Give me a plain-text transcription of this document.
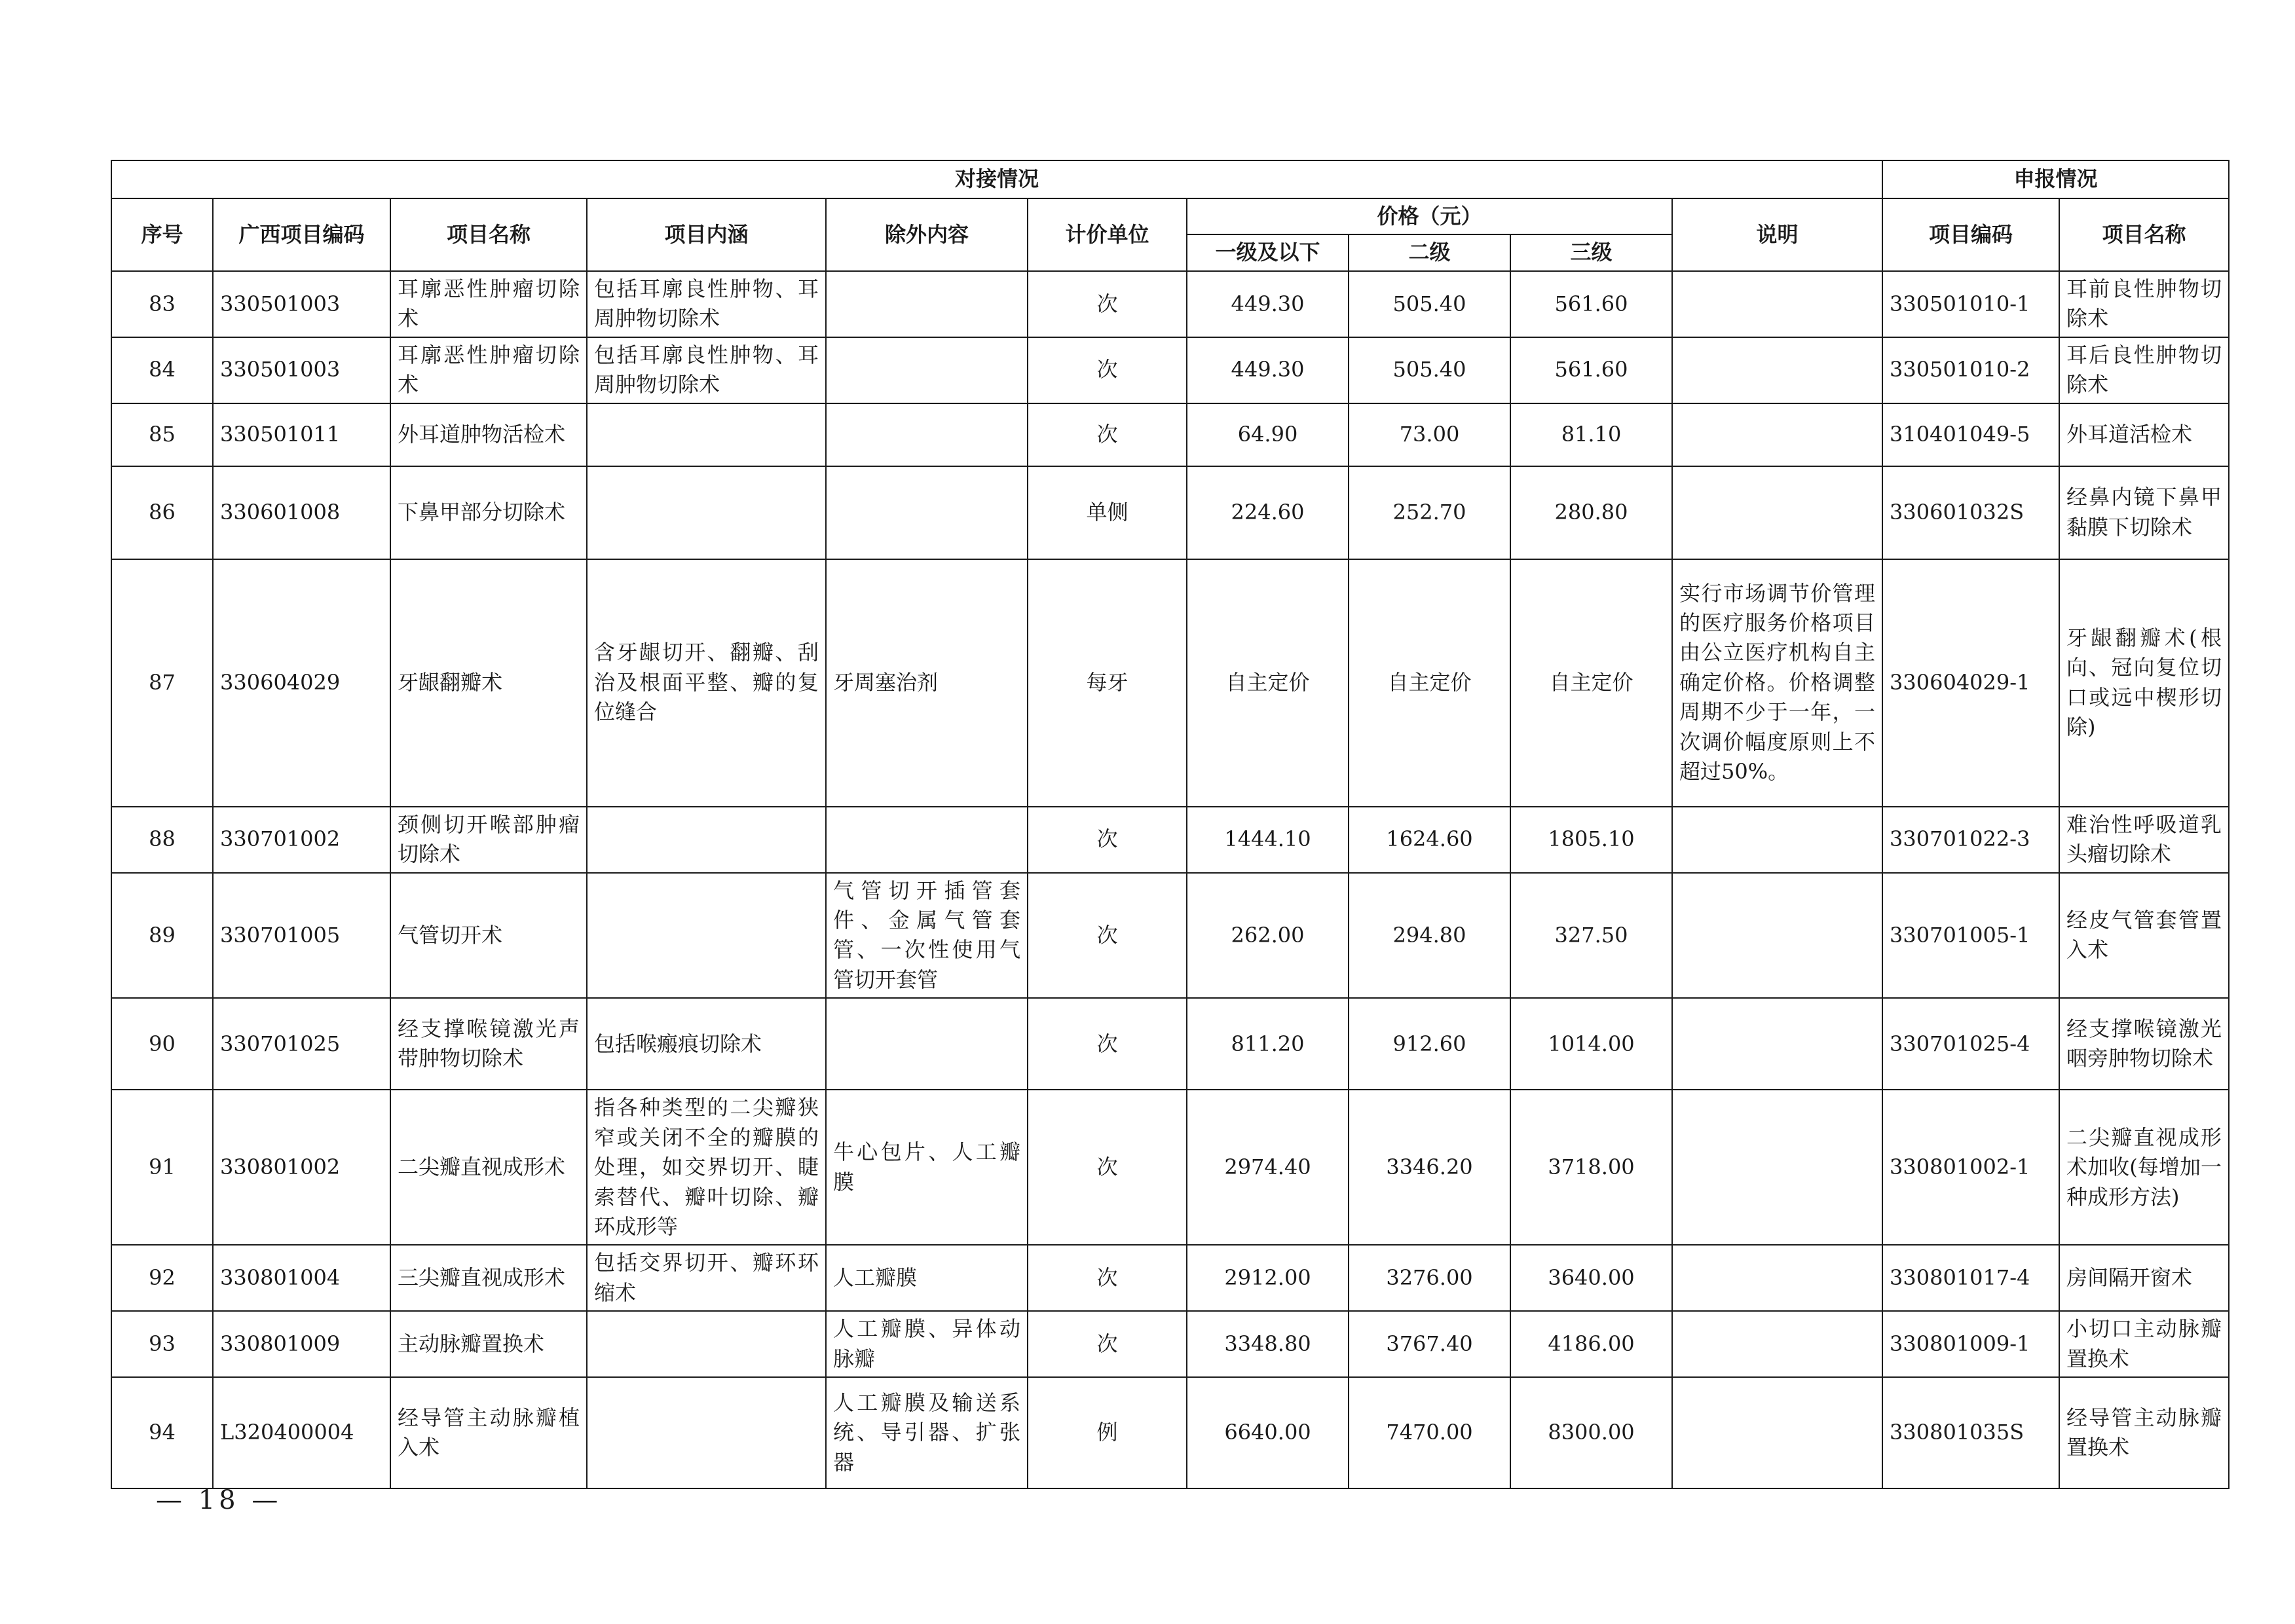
对接情况										申报情况	
序号	广西项目编码	项目名称	项目内涵	除外内容	计价单位	价格（元）			说明	项目编码	项目名称
						一级及以下	二级	三级			
83	330501003	耳廓恶性肿瘤切除术	包括耳廓良性肿物、耳周肿物切除术		次	449.30	505.40	561.60		330501010-1	耳前良性肿物切除术
84	330501003	耳廓恶性肿瘤切除术	包括耳廓良性肿物、耳周肿物切除术		次	449.30	505.40	561.60		330501010-2	耳后良性肿物切除术
85	330501011	外耳道肿物活检术			次	64.90	73.00	81.10		310401049-5	外耳道活检术
86	330601008	下鼻甲部分切除术			单侧	224.60	252.70	280.80		330601032S	经鼻内镜下鼻甲黏膜下切除术
87	330604029	牙龈翻瓣术	含牙龈切开、翻瓣、刮治及根面平整、瓣的复位缝合	牙周塞治剂	每牙	自主定价	自主定价	自主定价	实行市场调节价管理的医疗服务价格项目由公立医疗机构自主确定价格。价格调整周期不少于一年，一次调价幅度原则上不超过50%。	330604029-1	牙龈翻瓣术(根向、冠向复位切口或远中楔形切除)
88	330701002	颈侧切开喉部肿瘤切除术			次	1444.10	1624.60	1805.10		330701022-3	难治性呼吸道乳头瘤切除术
89	330701005	气管切开术		气管切开插管套件、金属气管套管、一次性使用气管切开套管	次	262.00	294.80	327.50		330701005-1	经皮气管套管置入术
90	330701025	经支撑喉镜激光声带肿物切除术	包括喉瘢痕切除术		次	811.20	912.60	1014.00		330701025-4	经支撑喉镜激光咽旁肿物切除术
91	330801002	二尖瓣直视成形术	指各种类型的二尖瓣狭窄或关闭不全的瓣膜的处理，如交界切开、睫索替代、瓣叶切除、瓣环成形等	牛心包片、人工瓣膜	次	2974.40	3346.20	3718.00		330801002-1	二尖瓣直视成形术加收(每增加一种成形方法)
92	330801004	三尖瓣直视成形术	包括交界切开、瓣环环缩术	人工瓣膜	次	2912.00	3276.00	3640.00		330801017-4	房间隔开窗术
93	330801009	主动脉瓣置换术		人工瓣膜、异体动脉瓣	次	3348.80	3767.40	4186.00		330801009-1	小切口主动脉瓣置换术
94	L320400004	经导管主动脉瓣植入术		人工瓣膜及输送系统、导引器、扩张器	例	6640.00	7470.00	8300.00		330801035S	经导管主动脉瓣置换术
— 18 —
